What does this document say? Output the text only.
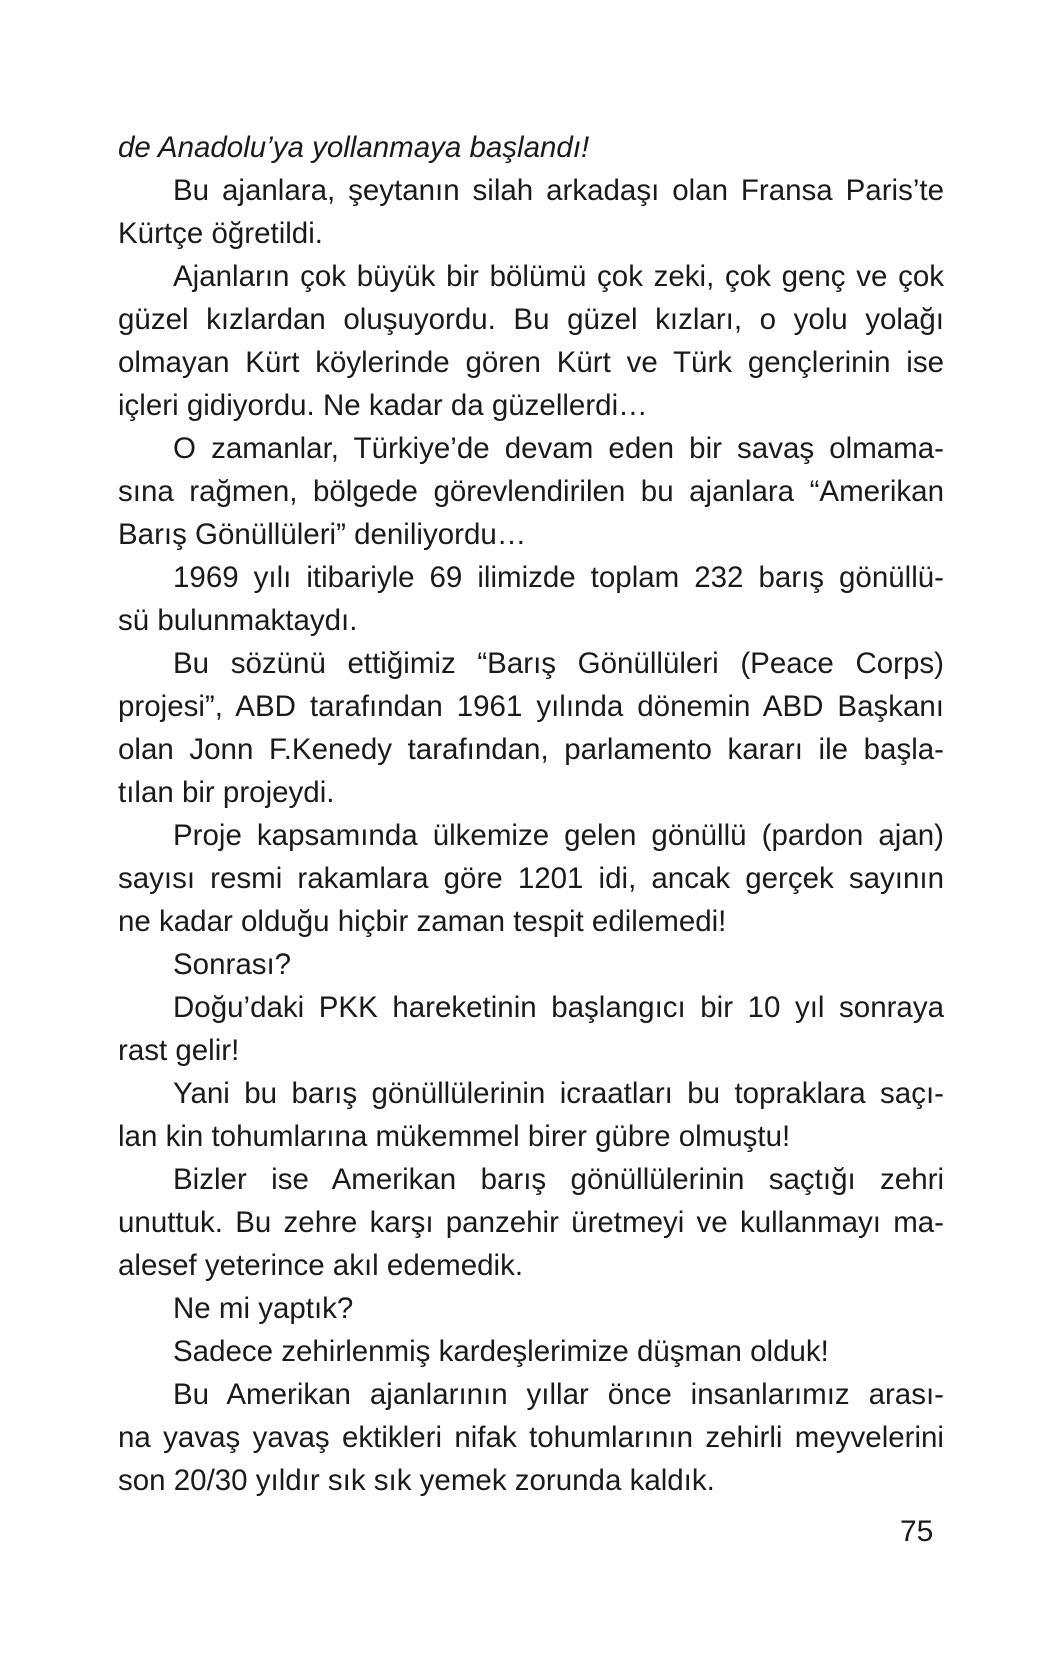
de Anadolu’ya yollanmaya başlandı!
Bu ajanlara, şeytanın silah arkadaşı olan Fransa Paris’te
Kürtçe öğretildi.
Ajanların çok büyük bir bölümü çok zeki, çok genç ve çok
güzel kızlardan oluşuyordu. Bu güzel kızları, o yolu yolağı
olmayan Kürt köylerinde gören Kürt ve Türk gençlerinin ise
içleri gidiyordu. Ne kadar da güzellerdi…
O zamanlar, Türkiye’de devam eden bir savaş olmama-
sına rağmen, bölgede görevlendirilen bu ajanlara “Amerikan
Barış Gönüllüleri” deniliyordu…
1969 yılı itibariyle 69 ilimizde toplam 232 barış gönüllü-
sü bulunmaktaydı.
Bu sözünü ettiğimiz “Barış Gönüllüleri (Peace Corps)
projesi”, ABD tarafından 1961 yılında dönemin ABD Başkanı
olan Jonn F.Kenedy tarafından, parlamento kararı ile başla-
tılan bir projeydi.
Proje kapsamında ülkemize gelen gönüllü (pardon ajan)
sayısı resmi rakamlara göre 1201 idi, ancak gerçek sayının
ne kadar olduğu hiçbir zaman tespit edilemedi!
Sonrası?
Doğu’daki PKK hareketinin başlangıcı bir 10 yıl sonraya
rast gelir!
Yani bu barış gönüllülerinin icraatları bu topraklara saçı-
lan kin tohumlarına mükemmel birer gübre olmuştu!
Bizler ise Amerikan barış gönüllülerinin saçtığı zehri
unuttuk. Bu zehre karşı panzehir üretmeyi ve kullanmayı ma-
alesef yeterince akıl edemedik.
Ne mi yaptık?
Sadece zehirlenmiş kardeşlerimize düşman olduk!
Bu Amerikan ajanlarının yıllar önce insanlarımız arası-
na yavaş yavaş ektikleri nifak tohumlarının zehirli meyvelerini
son 20/30 yıldır sık sık yemek zorunda kaldık.
75
